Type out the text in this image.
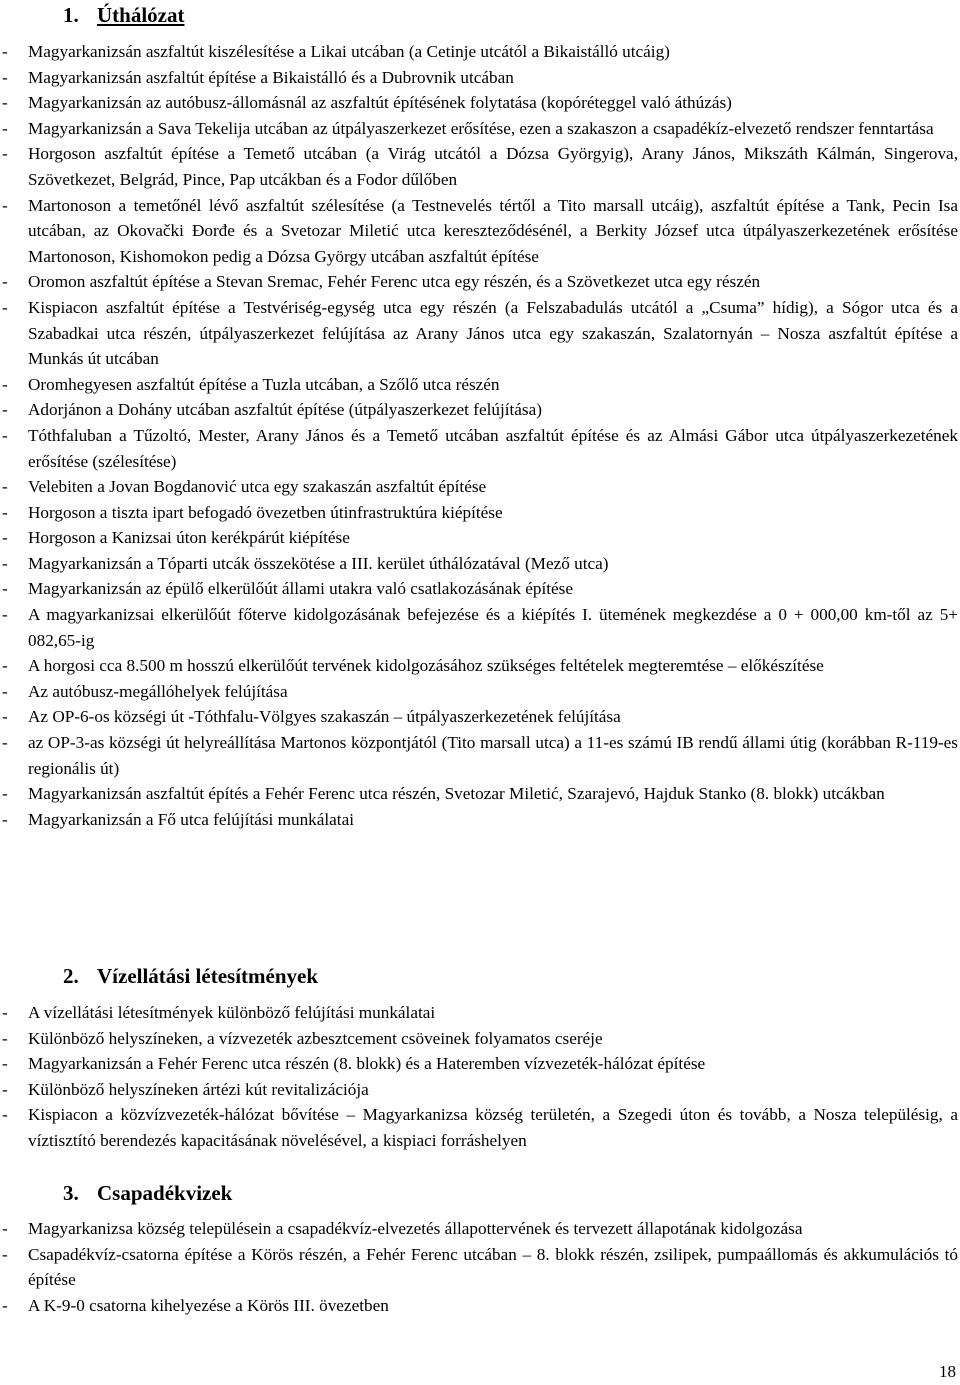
1. Úthálózat
- Magyarkanizsán aszfaltút kiszélesítése a Likai utcában (a Cetinje utcától a Bikaistálló utcáig)
- Magyarkanizsán aszfaltút építése a Bikaistálló és a Dubrovnik utcában
- Magyarkanizsán az autóbusz-állomásnál az aszfaltút építésének folytatása (kopóréteggel való áthúzás)
- Magyarkanizsán a Sava Tekelija utcában az útpályaszerkezet erősítése, ezen a szakaszon a csapadékíz-elvezető rendszer fenntartása
- Horgoson aszfaltút építése a Temető utcában (a Virág utcától a Dózsa Györgyig), Arany János, Mikszáth Kálmán, Singerova, Szövetkezet, Belgrád, Pince, Pap utcákban és a Fodor dűlőben
- Martonoson a temetőnél lévő aszfaltút szélesítése (a Testnevelés tértől a Tito marsall utcáig), aszfaltút építése a Tank, Pecin Isa utcában, az Okovački Đorđe és a Svetozar Miletić utca kereszteződésénél, a Berkity József utca útpályaszerkezetének erősítése Martonoson, Kishomokon pedig a Dózsa György utcában aszfaltút építése
- Oromon aszfaltút építése a Stevan Sremac, Fehér Ferenc utca egy részén, és a Szövetkezet utca egy részén
- Kispiacon aszfaltút építése a Testvériség-egység utca egy részén (a Felszabadulás utcától a „Csuma” hídig), a Sógor utca és a Szabadkai utca részén, útpályaszerkezet felújítása az Arany János utca egy szakaszán, Szalatornyán – Nosza aszfaltút építése a Munkás út utcában
- Oromhegyesen aszfaltút építése a Tuzla utcában, a Szőlő utca részén
- Adorjánon a Dohány utcában aszfaltút építése (útpályaszerkezet felújítása)
- Tóthfaluban a Tűzoltó, Mester, Arany János és a Temető utcában aszfaltút építése és az Almási Gábor utca útpályaszerkezetének erősítése (szélesítése)
- Velebiten a Jovan Bogdanović utca egy szakaszán aszfaltút építése
- Horgoson a tiszta ipart befogadó övezetben útinfrastruktúra kiépítése
- Horgoson a Kanizsai úton kerékpárút kiépítése
- Magyarkanizsán a Tóparti utcák összekötése a III. kerület úthálózatával (Mező utca)
- Magyarkanizsán az épülő elkerülőút állami utakra való csatlakozásának építése
- A magyarkanizsai elkerülőút főterve kidolgozásának befejezése és a kiépítés I. ütemének megkezdése a 0 + 000,00 km-től az 5+ 082,65-ig
- A horgosi cca 8.500 m hosszú elkerülőút tervének kidolgozásához szükséges feltételek megteremtése – előkészítése
- Az autóbusz-megállóhelyek felújítása
- Az OP-6-os községi út -Tóthfalu-Völgyes szakaszán – útpályaszerkezetének felújítása
- az OP-3-as községi út helyreállítása Martonos központjától (Tito marsall utca) a 11-es számú IB rendű állami útig (korábban R-119-es regionális út)
- Magyarkanizsán aszfaltút építés a Fehér Ferenc utca részén, Svetozar Miletić, Szarajevó, Hajduk Stanko (8. blokk) utcákban
- Magyarkanizsán a Fő utca felújítási munkálatai
2. Vízellátási létesítmények
- A vízellátási létesítmények különböző felújítási munkálatai
- Különböző helyszíneken, a vízvezeték azbesztcement csöveinek folyamatos cseréje
- Magyarkanizsán a Fehér Ferenc utca részén (8. blokk) és a Hateremben vízvezeték-hálózat építése
- Különböző helyszíneken ártézi kút revitalizációja
- Kispiacon a közvízvezeték-hálózat bővítése – Magyarkanizsa község területén, a Szegedi úton és tovább, a Nosza településig, a víztisztító berendezés kapacitásának növelésével, a kispiaci forráshelyen
3. Csapadékvizek
- Magyarkanizsa község településein a csapadékvíz-elvezetés állapottervének és tervezett állapotának kidolgozása
- Csapadékvíz-csatorna építése a Körös részén, a Fehér Ferenc utcában – 8. blokk részén, zsilipek, pumpaállomás és akkumulációs tó építése
- A K-9-0 csatorna kihelyezése a Körös III. övezetben
18
